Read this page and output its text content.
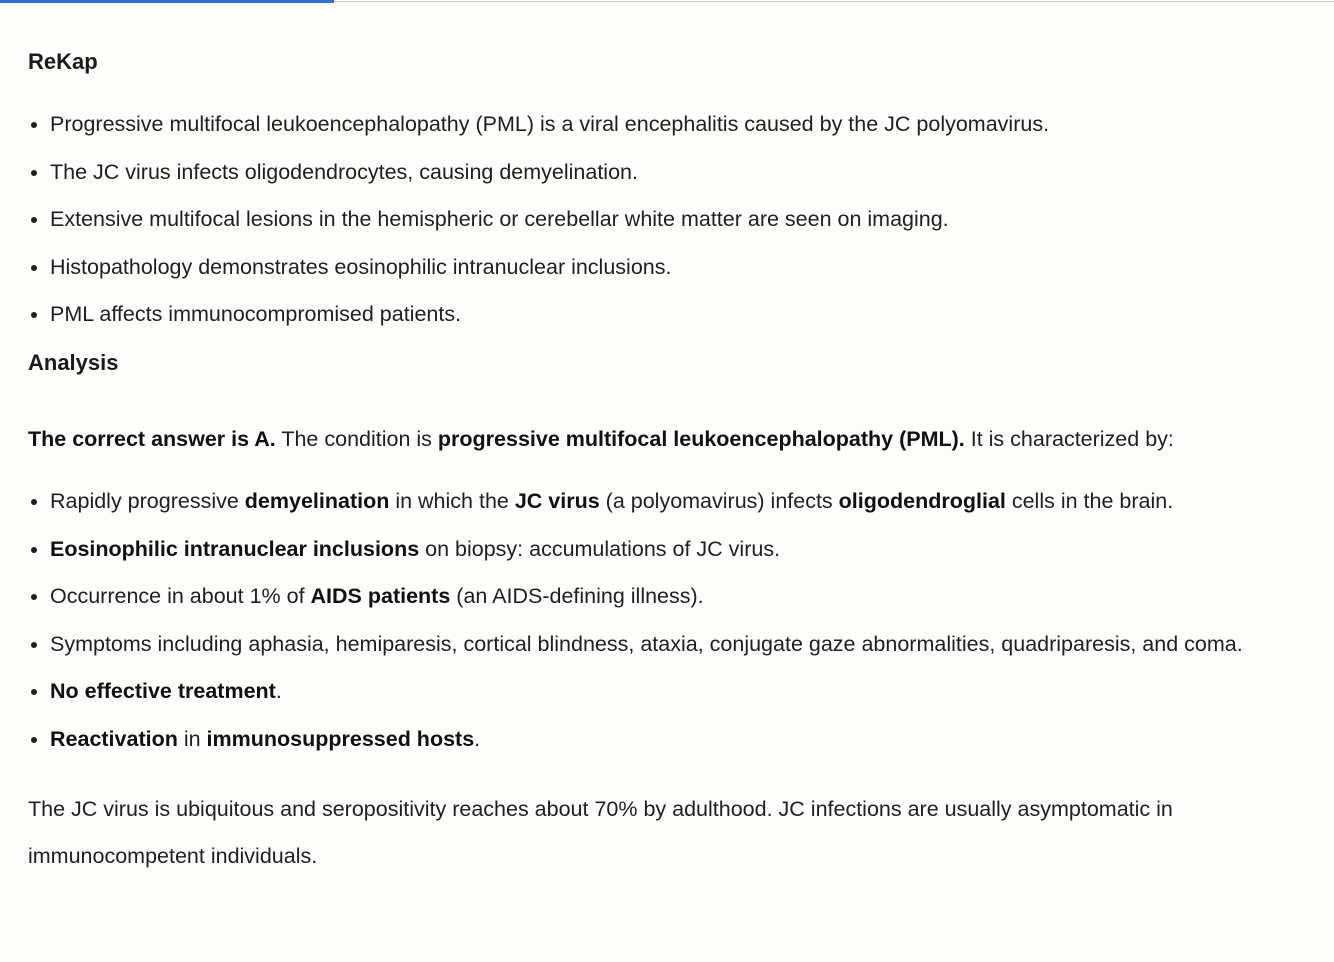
ReKap
Progressive multifocal leukoencephalopathy (PML) is a viral encephalitis caused by the JC polyomavirus.
The JC virus infects oligodendrocytes, causing demyelination.
Extensive multifocal lesions in the hemispheric or cerebellar white matter are seen on imaging.
Histopathology demonstrates eosinophilic intranuclear inclusions.
PML affects immunocompromised patients.
Analysis

The correct answer is A. The condition is progressive multifocal leukoencephalopathy (PML). It is characterized by:

Rapidly progressive demyelination in which the JC virus (a polyomavirus) infects oligodendroglial cells in the brain.
Eosinophilic intranuclear inclusions on biopsy: accumulations of JC virus.
Occurrence in about 1% of AIDS patients (an AIDS-defining illness).
Symptoms including aphasia, hemiparesis, cortical blindness, ataxia, conjugate gaze abnormalities, quadriparesis, and coma.
No effective treatment.
Reactivation in immunosuppressed hosts.

The JC virus is ubiquitous and seropositivity reaches about 70% by adulthood. JC infections are usually asymptomatic in immunocompetent individuals.
